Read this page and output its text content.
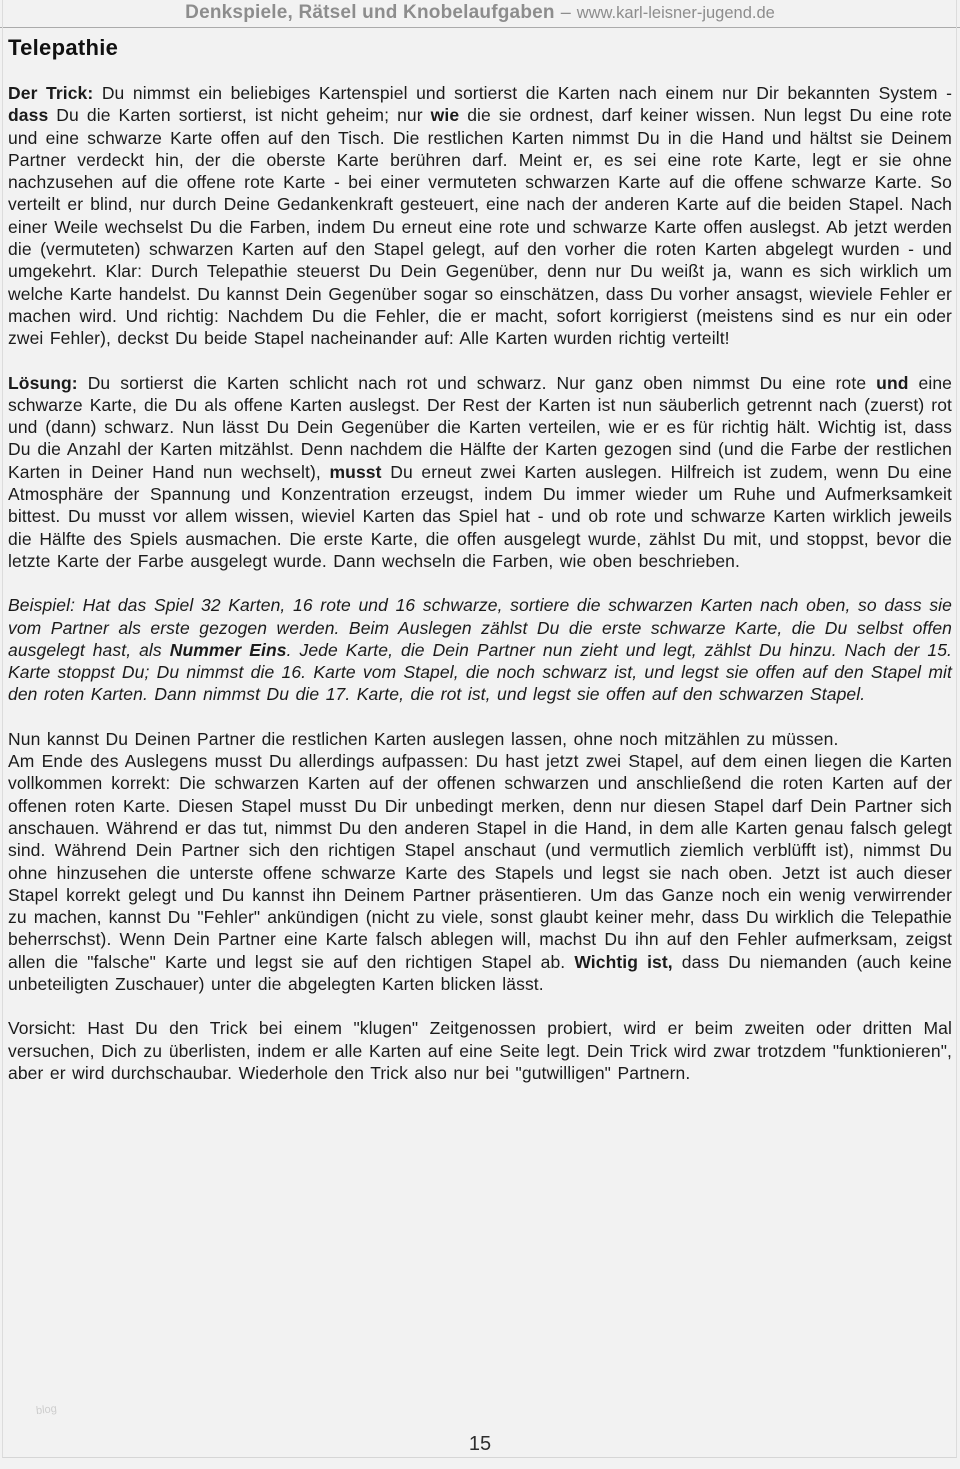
Denkspiele, Rätsel und Knobelaufgaben – www.karl-leisner-jugend.de
Telepathie

Der Trick: Du nimmst ein beliebiges Kartenspiel und sortierst die Karten nach einem nur Dir bekannten System - dass Du die Karten sortierst, ist nicht geheim; nur wie die sie ordnest, darf keiner wissen. Nun legst Du eine rote und eine schwarze Karte offen auf den Tisch. Die restlichen Karten nimmst Du in die Hand und hältst sie Deinem Partner verdeckt hin, der die oberste Karte berühren darf. Meint er, es sei eine rote Karte, legt er sie ohne nachzusehen auf die offene rote Karte - bei einer vermuteten schwarzen Karte auf die offene schwarze Karte. So verteilt er blind, nur durch Deine Gedankenkraft gesteuert, eine nach der anderen Karte auf die beiden Stapel. Nach einer Weile wechselst Du die Farben, indem Du erneut eine rote und schwarze Karte offen auslegst. Ab jetzt werden die (vermuteten) schwarzen Karten auf den Stapel gelegt, auf den vorher die roten Karten abgelegt wurden - und umgekehrt. Klar: Durch Telepathie steuerst Du Dein Gegenüber, denn nur Du weißt ja, wann es sich wirklich um welche Karte handelst. Du kannst Dein Gegenüber sogar so einschätzen, dass Du vorher ansagst, wieviele Fehler er machen wird. Und richtig: Nachdem Du die Fehler, die er macht, sofort korrigierst (meistens sind es nur ein oder zwei Fehler), deckst Du beide Stapel nacheinander auf: Alle Karten wurden richtig verteilt!

Lösung: Du sortierst die Karten schlicht nach rot und schwarz. Nur ganz oben nimmst Du eine rote und eine schwarze Karte, die Du als offene Karten auslegst. Der Rest der Karten ist nun säuberlich getrennt nach (zuerst) rot und (dann) schwarz. Nun lässt Du Dein Gegenüber die Karten verteilen, wie er es für richtig hält. Wichtig ist, dass Du die Anzahl der Karten mitzählst. Denn nachdem die Hälfte der Karten gezogen sind (und die Farbe der restlichen Karten in Deiner Hand nun wechselt), musst Du erneut zwei Karten auslegen. Hilfreich ist zudem, wenn Du eine Atmosphäre der Spannung und Konzentration erzeugst, indem Du immer wieder um Ruhe und Aufmerksamkeit bittest. Du musst vor allem wissen, wieviel Karten das Spiel hat - und ob rote und schwarze Karten wirklich jeweils die Hälfte des Spiels ausmachen. Die erste Karte, die offen ausgelegt wurde, zählst Du mit, und stoppst, bevor die letzte Karte der Farbe ausgelegt wurde. Dann wechseln die Farben, wie oben beschrieben.

Beispiel: Hat das Spiel 32 Karten, 16 rote und 16 schwarze, sortiere die schwarzen Karten nach oben, so dass sie vom Partner als erste gezogen werden. Beim Auslegen zählst Du die erste schwarze Karte, die Du selbst offen ausgelegt hast, als Nummer Eins. Jede Karte, die Dein Partner nun zieht und legt, zählst Du hinzu. Nach der 15. Karte stoppst Du; Du nimmst die 16. Karte vom Stapel, die noch schwarz ist, und legst sie offen auf den Stapel mit den roten Karten. Dann nimmst Du die 17. Karte, die rot ist, und legst sie offen auf den schwarzen Stapel.

Nun kannst Du Deinen Partner die restlichen Karten auslegen lassen, ohne noch mitzählen zu müssen.

Am Ende des Auslegens musst Du allerdings aufpassen: Du hast jetzt zwei Stapel, auf dem einen liegen die Karten vollkommen korrekt: Die schwarzen Karten auf der offenen schwarzen und anschließend die roten Karten auf der offenen roten Karte. Diesen Stapel musst Du Dir unbedingt merken, denn nur diesen Stapel darf Dein Partner sich anschauen. Während er das tut, nimmst Du den anderen Stapel in die Hand, in dem alle Karten genau falsch gelegt sind. Während Dein Partner sich den richtigen Stapel anschaut (und vermutlich ziemlich verblüfft ist), nimmst Du ohne hinzusehen die unterste offene schwarze Karte des Stapels und legst sie nach oben. Jetzt ist auch dieser Stapel korrekt gelegt und Du kannst ihn Deinem Partner präsentieren. Um das Ganze noch ein wenig verwirrender zu machen, kannst Du "Fehler" ankündigen (nicht zu viele, sonst glaubt keiner mehr, dass Du wirklich die Telepathie beherrschst). Wenn Dein Partner eine Karte falsch ablegen will, machst Du ihn auf den Fehler aufmerksam, zeigst allen die "falsche" Karte und legst sie auf den richtigen Stapel ab. Wichtig ist, dass Du niemanden (auch keine unbeteiligten Zuschauer) unter die abgelegten Karten blicken lässt.

Vorsicht: Hast Du den Trick bei einem "klugen" Zeitgenossen probiert, wird er beim zweiten oder dritten Mal versuchen, Dich zu überlisten, indem er alle Karten auf eine Seite legt. Dein Trick wird zwar trotzdem "funktionieren", aber er wird durchschaubar. Wiederhole den Trick also nur bei "gutwilligen" Partnern.

blog
15
